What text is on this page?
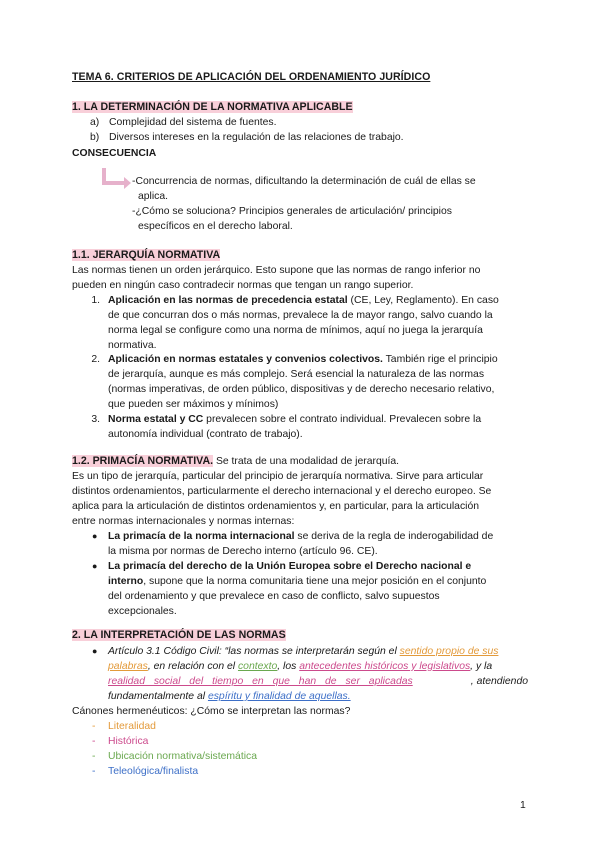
TEMA 6. CRITERIOS DE APLICACIÓN DEL ORDENAMIENTO JURÍDICO
1. LA DETERMINACIÓN DE LA NORMATIVA APLICABLE
a) Complejidad del sistema de fuentes.
b) Diversos intereses en la regulación de las relaciones de trabajo.
CONSECUENCIA
-Concurrencia de normas, dificultando la determinación de cuál de ellas se
aplica.
-¿Cómo se soluciona? Principios generales de articulación/ principios
específicos en el derecho laboral.
1.1. JERARQUÍA NORMATIVA
Las normas tienen un orden jerárquico. Esto supone que las normas de rango inferior no
pueden en ningún caso contradecir normas que tengan un rango superior.
1. Aplicación en las normas de precedencia estatal (CE, Ley, Reglamento). En caso
de que concurran dos o más normas, prevalece la de mayor rango, salvo cuando la
norma legal se configure como una norma de mínimos, aquí no juega la jerarquía
normativa.
2. Aplicación en normas estatales y convenios colectivos. También rige el principio
de jerarquía, aunque es más complejo. Será esencial la naturaleza de las normas
(normas imperativas, de orden público, dispositivas y de derecho necesario relativo,
que pueden ser máximos y mínimos)
3. Norma estatal y CC prevalecen sobre el contrato individual. Prevalecen sobre la
autonomía individual (contrato de trabajo).
1.2. PRIMACÍA NORMATIVA. Se trata de una modalidad de jerarquía.
Es un tipo de jerarquía, particular del principio de jerarquía normativa. Sirve para articular
distintos ordenamientos, particularmente el derecho internacional y el derecho europeo. Se
aplica para la articulación de distintos ordenamientos y, en particular, para la articulación
entre normas internacionales y normas internas:
● La primacía de la norma internacional se deriva de la regla de inderogabilidad de
la misma por normas de Derecho interno (artículo 96. CE).
● La primacía del derecho de la Unión Europea sobre el Derecho nacional e
interno, supone que la norma comunitaria tiene una mejor posición en el conjunto
del ordenamiento y que prevalece en caso de conflicto, salvo supuestos
excepcionales.
2. LA INTERPRETACIÓN DE LAS NORMAS
● Artículo 3.1 Código Civil: “las normas se interpretarán según el sentido propio de sus
palabras, en relación con el contexto, los antecedentes históricos y legislativos, y la
realidad social del tiempo en que han de ser aplicadas	, atendiendo
fundamentalmente al espíritu y finalidad de aquellas.
Cánones hermenéuticos: ¿Cómo se interpretan las normas?
- Literalidad
- Histórica
- Ubicación normativa/sistemática
- Teleológica/finalista
1
